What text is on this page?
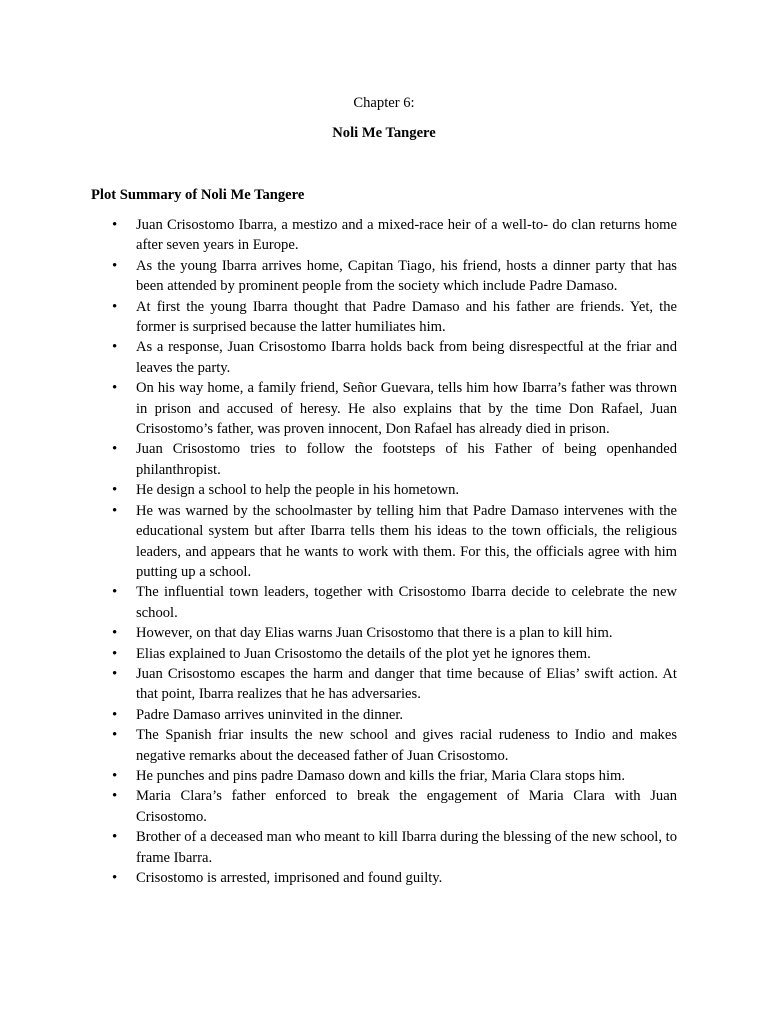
Chapter 6:
Noli Me Tangere
Plot Summary of Noli Me Tangere
• Juan Crisostomo Ibarra, a mestizo and a mixed-race heir of a well-to- do clan returns home after seven years in Europe.
• As the young Ibarra arrives home, Capitan Tiago, his friend, hosts a dinner party that has been attended by prominent people from the society which include Padre Damaso.
• At first the young Ibarra thought that Padre Damaso and his father are friends. Yet, the former is surprised because the latter humiliates him.
• As a response, Juan Crisostomo Ibarra holds back from being disrespectful at the friar and leaves the party.
• On his way home, a family friend, Señor Guevara, tells him how Ibarra’s father was thrown in prison and accused of heresy. He also explains that by the time Don Rafael, Juan Crisostomo’s father, was proven innocent, Don Rafael has already died in prison.
• Juan Crisostomo tries to follow the footsteps of his Father of being openhanded philanthropist.
• He design a school to help the people in his hometown.
• He was warned by the schoolmaster by telling him that Padre Damaso intervenes with the educational system but after Ibarra tells them his ideas to the town officials, the religious leaders, and appears that he wants to work with them. For this, the officials agree with him putting up a school.
• The influential town leaders, together with Crisostomo Ibarra decide to celebrate the new school.
• However, on that day Elias warns Juan Crisostomo that there is a plan to kill him.
• Elias explained to Juan Crisostomo the details of the plot yet he ignores them.
• Juan Crisostomo escapes the harm and danger that time because of Elias’ swift action. At that point, Ibarra realizes that he has adversaries.
• Padre Damaso arrives uninvited in the dinner.
• The Spanish friar insults the new school and gives racial rudeness to Indio and makes negative remarks about the deceased father of Juan Crisostomo.
• He punches and pins padre Damaso down and kills the friar, Maria Clara stops him.
• Maria Clara’s father enforced to break the engagement of Maria Clara with Juan Crisostomo.
• Brother of a deceased man who meant to kill Ibarra during the blessing of the new school, to frame Ibarra.
• Crisostomo is arrested, imprisoned and found guilty.
